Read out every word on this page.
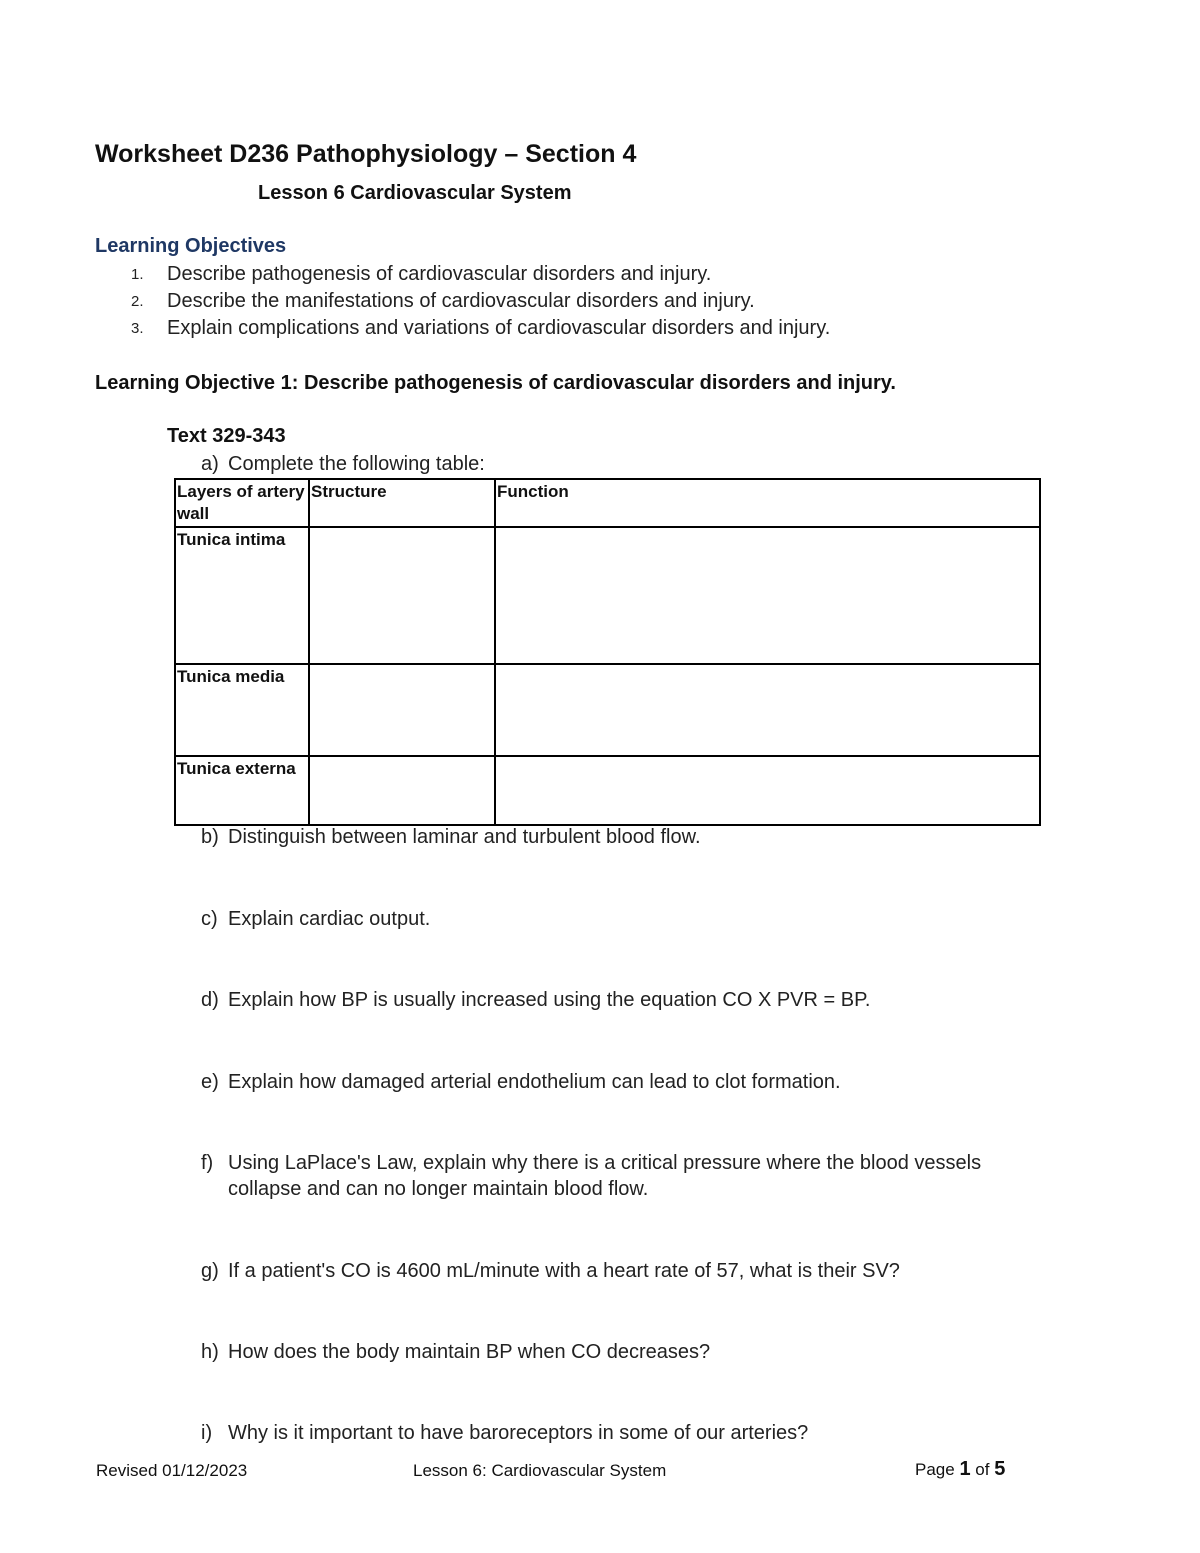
Worksheet D236 Pathophysiology – Section 4
Lesson 6 Cardiovascular System
Learning Objectives
1. Describe pathogenesis of cardiovascular disorders and injury.
2. Describe the manifestations of cardiovascular disorders and injury.
3. Explain complications and variations of cardiovascular disorders and injury.
Learning Objective 1: Describe pathogenesis of cardiovascular disorders and injury.
Text 329-343
a) Complete the following table:
Layers of artery wall	Structure	Function
Tunica intima		
Tunica media		
Tunica externa		
b) Distinguish between laminar and turbulent blood flow.
c) Explain cardiac output.
d) Explain how BP is usually increased using the equation CO X PVR = BP.
e) Explain how damaged arterial endothelium can lead to clot formation.
f) Using LaPlace's Law, explain why there is a critical pressure where the blood vessels
collapse and can no longer maintain blood flow.
g) If a patient's CO is 4600 mL/minute with a heart rate of 57, what is their SV?
h) How does the body maintain BP when CO decreases?
i) Why is it important to have baroreceptors in some of our arteries?
Revised 01/12/2023	Lesson 6: Cardiovascular System	Page 1 of 5
